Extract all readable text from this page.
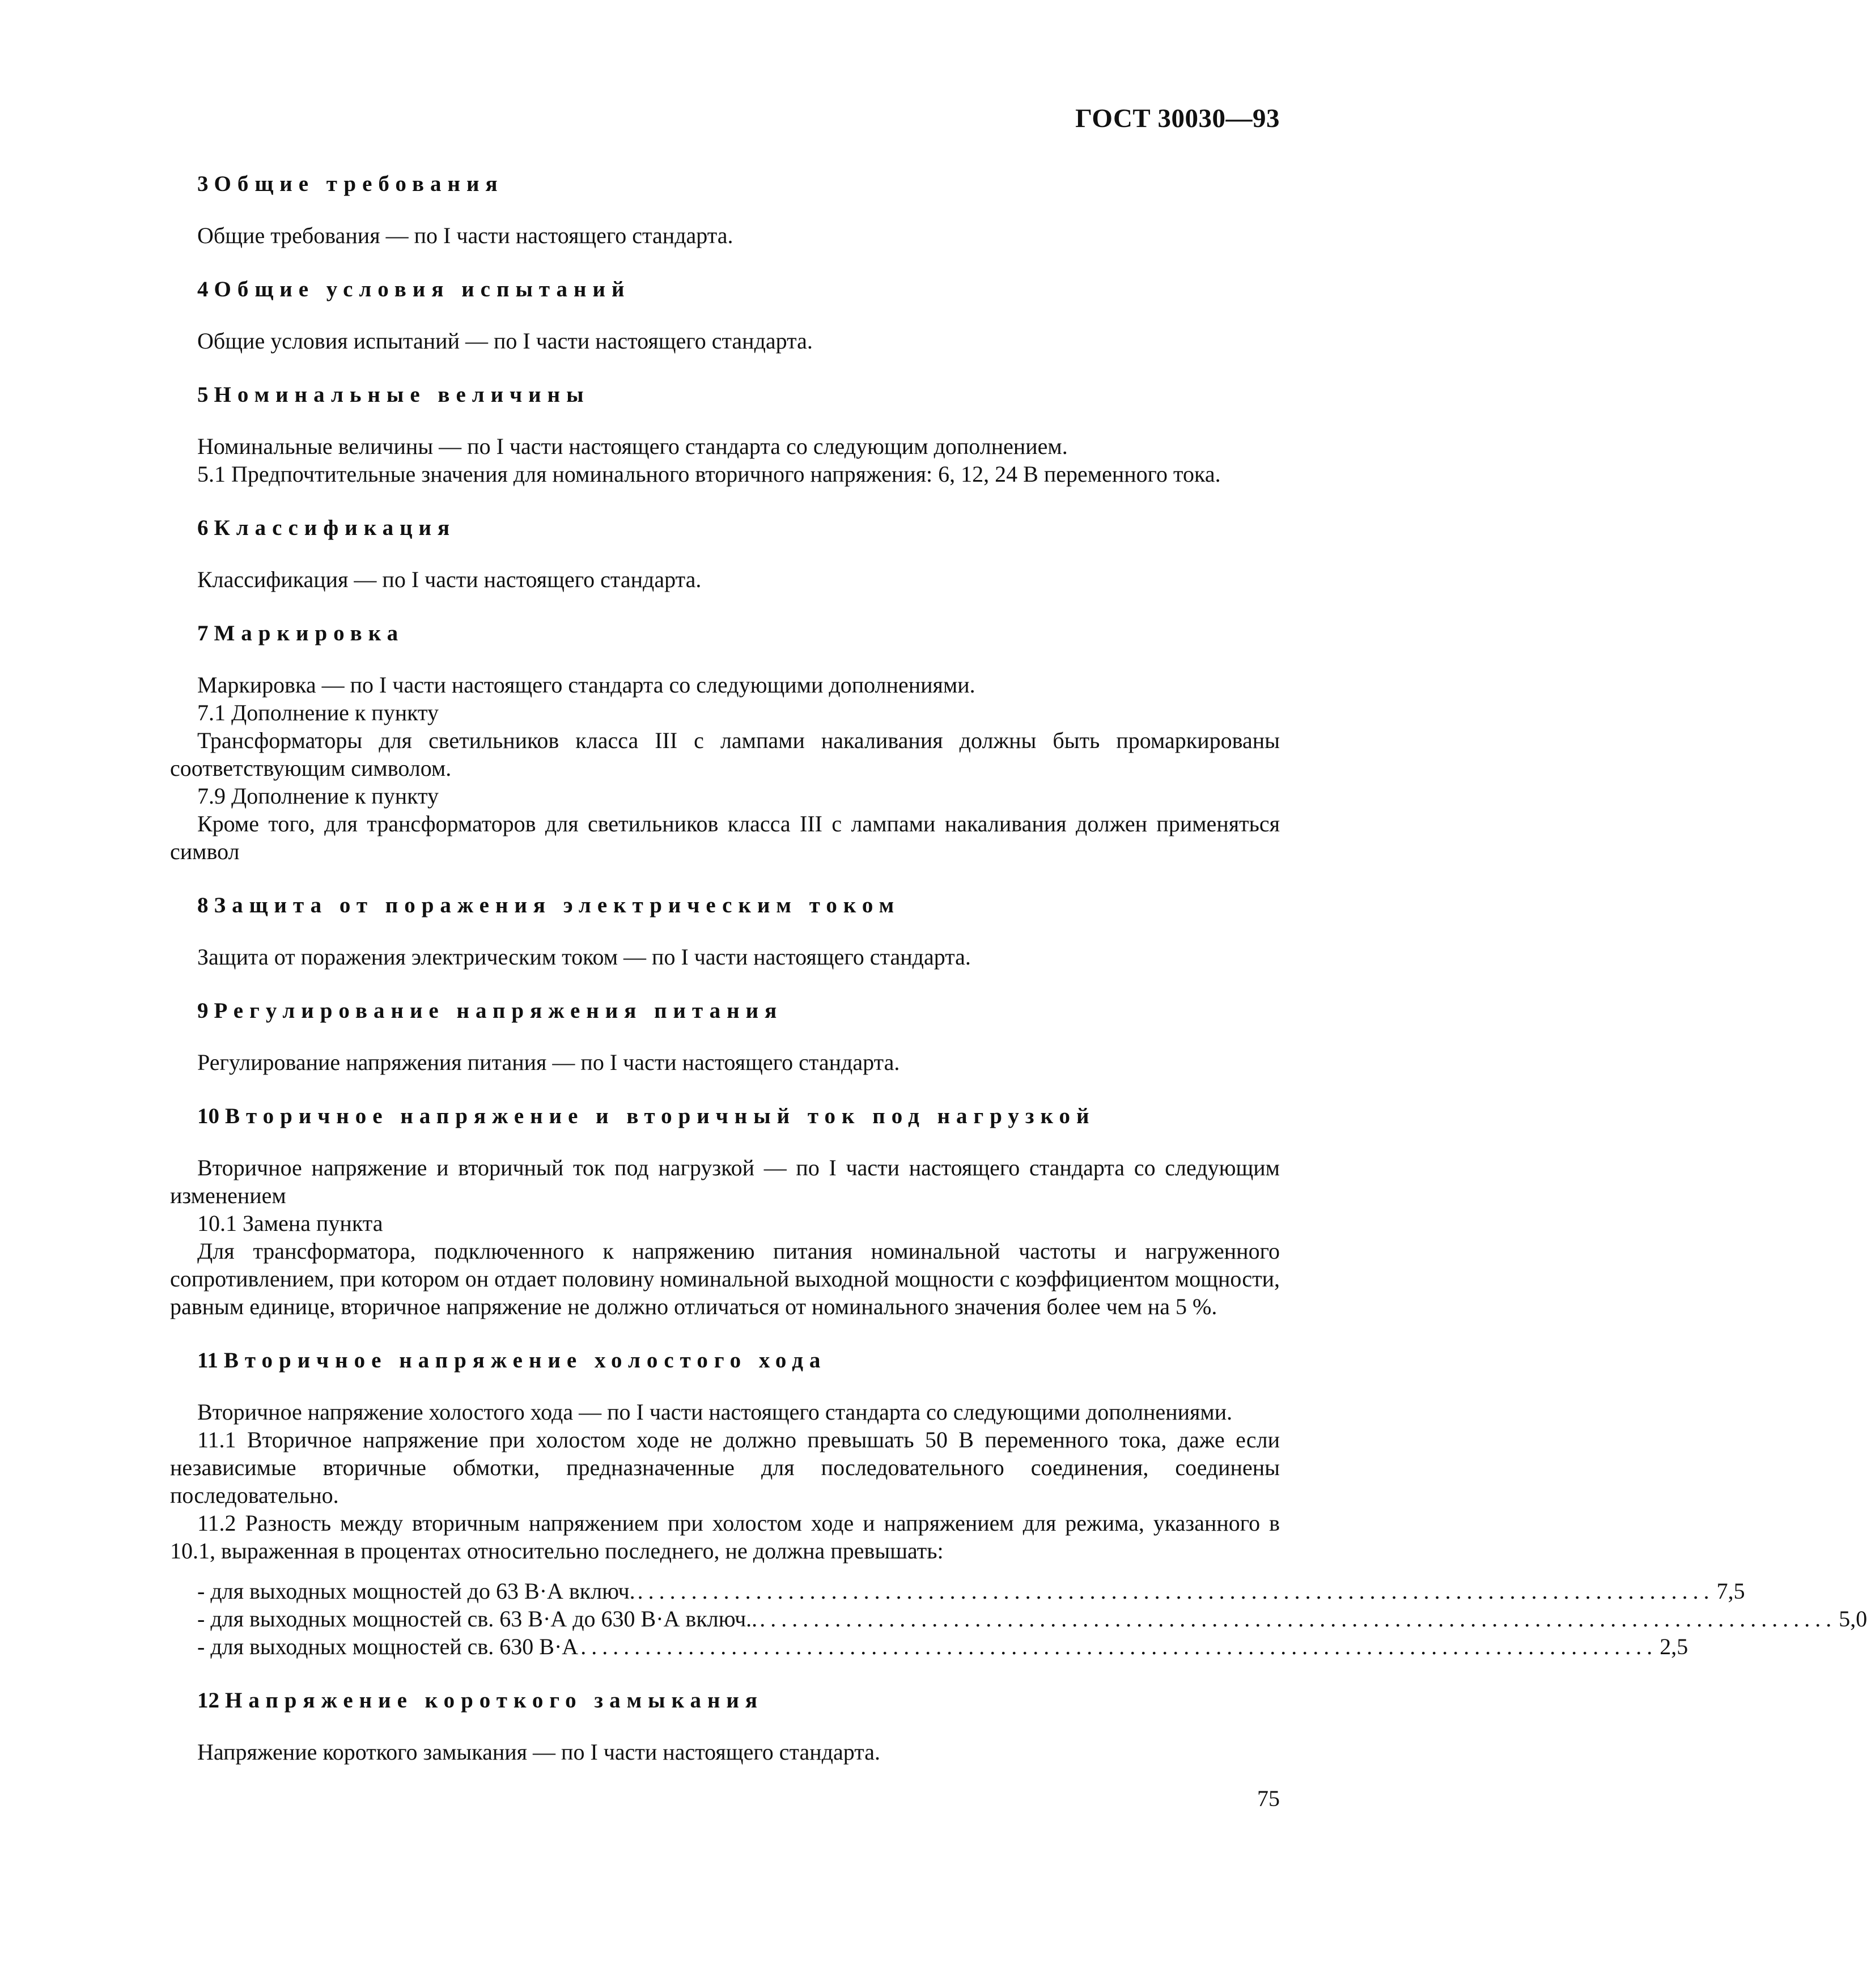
ГОСТ 30030—93
3 Общие требования

Общие требования — по I части настоящего стандарта.

4 Общие условия испытаний

Общие условия испытаний — по I части настоящего стандарта.

5 Номинальные величины

Номинальные величины — по I части настоящего стандарта со следующим дополнением.

5.1 Предпочтительные значения для номинального вторичного напряжения: 6, 12, 24 В переменного тока.

6 Классификация

Классификация — по I части настоящего стандарта.

7 Маркировка

Маркировка — по I части настоящего стандарта со следующими дополнениями.

7.1 Дополнение к пункту

Трансформаторы для светильников класса III с лампами накаливания должны быть промаркированы соответствующим символом.

7.9 Дополнение к пункту

Кроме того, для трансформаторов для светильников класса III с лампами накаливания должен применяться символ

8 Защита от поражения электрическим током

Защита от поражения электрическим током — по I части настоящего стандарта.

9 Регулирование напряжения питания

Регулирование напряжения питания — по I части настоящего стандарта.

10 Вторичное напряжение и вторичный ток под нагрузкой

Вторичное напряжение и вторичный ток под нагрузкой — по I части настоящего стандарта со следующим изменением

10.1 Замена пункта

Для трансформатора, подключенного к напряжению питания номинальной частоты и нагруженного сопротивлением, при котором он отдает половину номинальной выходной мощности с коэффициентом мощности, равным единице, вторичное напряжение не должно отличаться от номинального значения более чем на 5 %.

11 Вторичное напряжение холостого хода

Вторичное напряжение холостого хода — по I части настоящего стандарта со следующими дополнениями.

11.1 Вторичное напряжение при холостом ходе не должно превышать 50 В переменного тока, даже если независимые вторичные обмотки, предназначенные для последовательного соединения, соединены последовательно.

11.2 Разность между вторичным напряжением при холостом ходе и напряжением для режима, указанного в 10.1, выраженная в процентах относительно последнего, не должна превышать:

- для выходных мощностей до 63 В·А включ. .................................................................................................... 7,5
- для выходных мощностей св. 63 В·А до 630 В·А включ.. .................................................................................................... 5,0
- для выходных мощностей св. 630 В·А .................................................................................................... 2,5
12 Напряжение короткого замыкания

Напряжение короткого замыкания — по I части настоящего стандарта.

75
